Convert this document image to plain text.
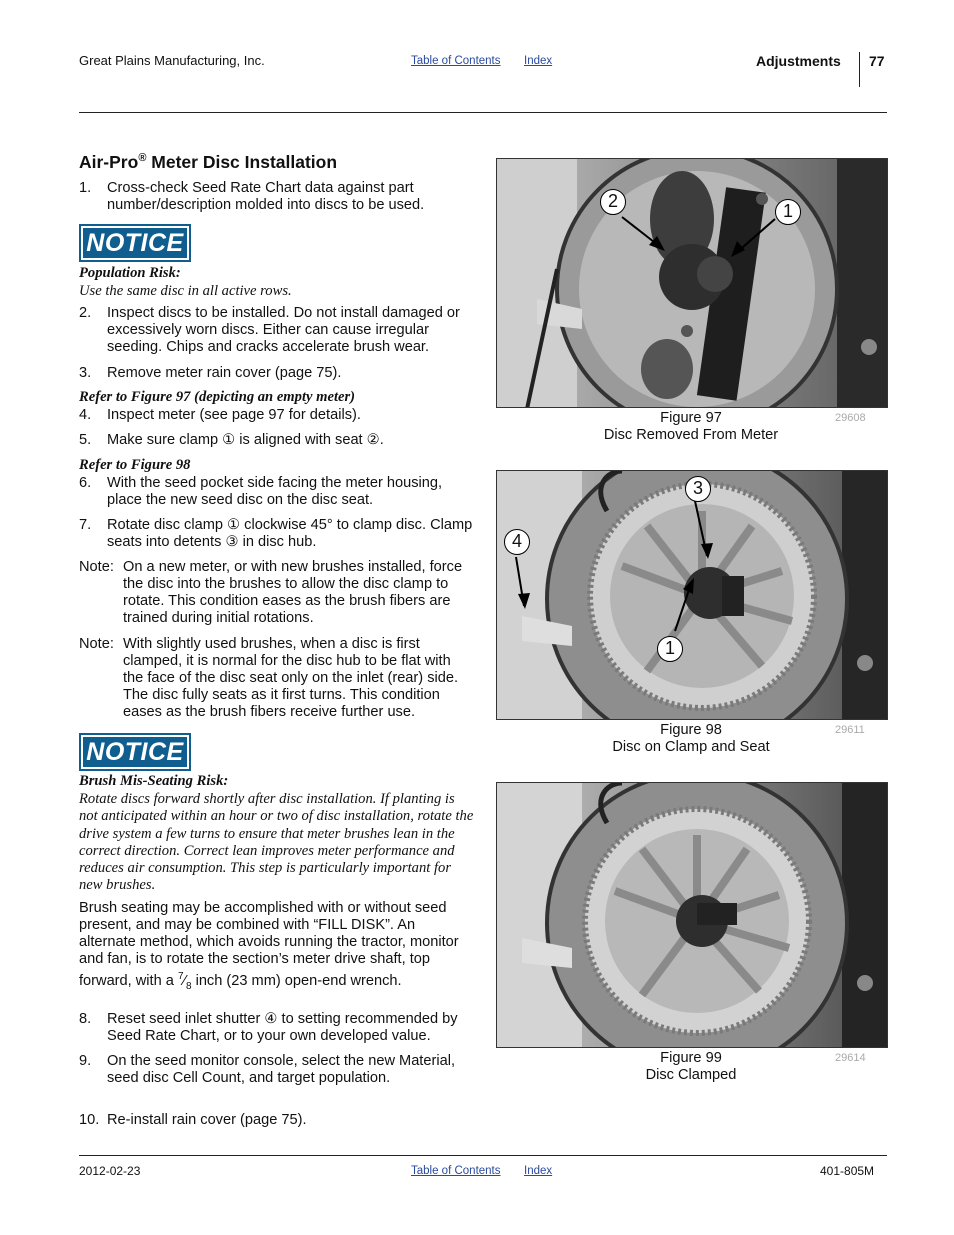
Great Plains Manufacturing, Inc.	Table of Contents Index	Adjustments 77
Air-Pro® Meter Disc Installation
1. Cross-check Seed Rate Chart data against part number/description molded into discs to be used.
NOTICE
Population Risk:
Use the same disc in all active rows.
2. Inspect discs to be installed. Do not install damaged or excessively worn discs. Either can cause irregular seeding. Chips and cracks accelerate brush wear.
3. Remove meter rain cover (page 75).
Refer to Figure 97 (depicting an empty meter)
4. Inspect meter (see page 97 for details).
5. Make sure clamp ① is aligned with seat ②.
Refer to Figure 98
6. With the seed pocket side facing the meter housing, place the new seed disc on the disc seat.
7. Rotate disc clamp ① clockwise 45° to clamp disc. Clamp seats into detents ③ in disc hub.
Note: On a new meter, or with new brushes installed, force the disc into the brushes to allow the disc clamp to rotate. This condition eases as the brush fibers are trained during initial rotations.
Note: With slightly used brushes, when a disc is first clamped, it is normal for the disc hub to be flat with the face of the disc seat only on the inlet (rear) side. The disc fully seats as it first turns. This condition eases as the brush fibers receive further use.
NOTICE
Brush Mis-Seating Risk:
Rotate discs forward shortly after disc installation. If planting is not anticipated within an hour or two of disc installation, rotate the drive system a few turns to ensure that meter brushes lean in the correct direction. Correct lean improves meter performance and reduces air consumption. This step is particularly important for new brushes.
Brush seating may be accomplished with or without seed present, and may be combined with “FILL DISK”. An alternate method, which avoids running the tractor, monitor and fan, is to rotate the section’s meter drive shaft, top forward, with a $^7⁄_8$ inch (23 mm) open-end wrench.
8. Reset seed inlet shutter ④ to setting recommended by Seed Rate Chart, or to your own developed value.
9. On the seed monitor console, select the new Material, seed disc Cell Count, and target population.
10. Re-install rain cover (page 75).
2	1
Figure 97
Disc Removed From Meter
29608
3
4
1
Figure 98
Disc on Clamp and Seat
29611
Figure 99
Disc Clamped
29614
2012-02-23	Table of Contents Index	401-805M
